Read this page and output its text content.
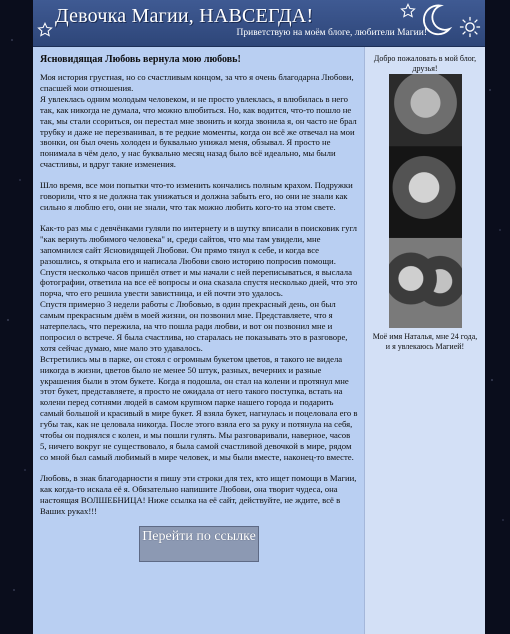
Девочка Магии, НАВСЕГДА!
Приветствую на моём блоге, любители Магии!
Ясновидящая Любовь вернула мою любовь!

Моя история грустная, но со счастливым концом, за что я очень благодарна Любови, спасшей мои отношения.
Я увлеклась одним молодым человеком, и не просто увлеклась, я влюбилась в него так, как никогда не думала, что можно влюбиться. Но, как водится, что-то пошло не так, мы стали ссориться, он перестал мне звонить и когда звонила я, он часто не брал трубку и даже не перезванивал, в те редкие моменты, когда он всё же отвечал на мои звонки, он был очень холоден и буквально унижал меня, обзывал. Я просто не понимала в чём дело, у нас буквально месяц назад было всё идеально, мы были счастливы, и вдруг такие изменения.

Шло время, все мои попытки что-то изменить кончались полным крахом. Подружки говорили, что я не должна так унижаться и должна забыть его, но они не знали как сильно я люблю его, они не знали, что так можно любить кого-то на этом свете.

Как-то раз мы с девчёнками гуляли по интернету и в шутку вписали в поисковик гугл "как вернуть любимого человека" и, среди сайтов, что мы там увидели, мне запомнился сайт Ясновидящей Любови. Он прямо тянул к себе, и когда все разошлись, я открыла его и написала Любови свою историю попросив помощи.
Спустя несколько часов пришёл ответ и мы начали с ней переписываться, я выслала фотографии, ответила на все её вопросы и она сказала спустя несколько дней, что это порча, что его решила увести завистница, и ей почти это удалось.
Спустя примерно 3 недели работы с Любовью, в один прекрасный день, он был самым прекрасным днём в моей жизни, он позвонил мне. Представляете, что я натерпелась, что пережила, на что пошла ради любви, и вот он позвонил мне и попросил о встрече. Я была счастлива, но старалась не показывать это в разговоре, хотя сейчас думаю, мне мало это удавалось.
Встретились мы в парке, он стоял с огромным букетом цветов, я такого не видела никогда в жизни, цветов было не менее 50 штук, разных, вечерних и разные украшения были в этом букете. Когда я подошла, он стал на колени и протянул мне этот букет, представляете, я просто не ожидала от него такого поступка, встать на колени перед сотнями людей в самом крупном парке нашего города и подарить самый большой и красивый в мире букет. Я взяла букет, нагнулась и поцеловала его в губы так, как не целовала никогда. После этого взяла его за руку и потянула на себя, чтобы он поднялся с колен, и мы пошли гулять. Мы разговаривали, наверное, часов 5, ничего вокруг не существовало, я была самой счастливой девочкой в мире, рядом со мной был самый любимый в мире человек, и мы были вместе, наконец-то вместе.

Любовь, в знак благодарности я пишу эти строки для тех, кто ищет помощи в Магии, как когда-то искала её я. Обязательно напишите Любови, она творит чудеса, она настоящая ВОЛШЕБНИЦА! Ниже ссылка на её сайт, действуйте, не ждите, всё в Ваших руках!!!

Перейти по ссылке
Добро пожаловать в мой блог, друзья!
Моё имя Наталья, мне 24 года, и я увлекаюсь Магией!
